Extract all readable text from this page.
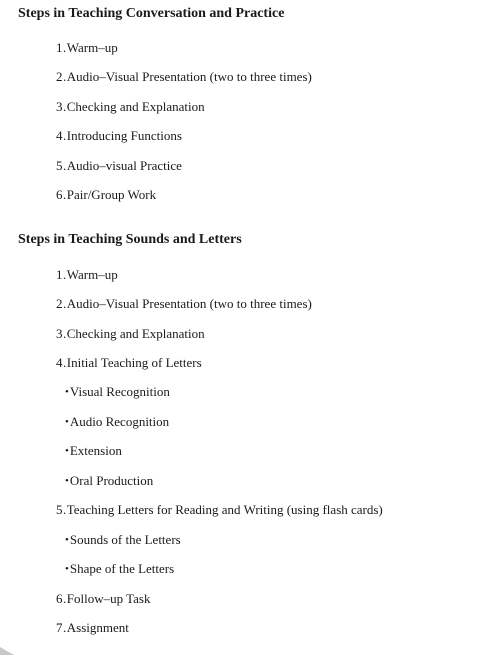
Steps in Teaching Conversation and Practice
1.Warm–up
2.Audio–Visual Presentation (two to three times)
3.Checking and Explanation
4.Introducing Functions
5.Audio–visual Practice
6.Pair/Group Work
Steps in Teaching Sounds and Letters
1.Warm–up
2.Audio–Visual Presentation (two to three times)
3.Checking and Explanation
4.Initial Teaching of Letters
•Visual Recognition
•Audio Recognition
•Extension
•Oral Production
5.Teaching Letters for Reading and Writing (using flash cards)
•Sounds of the Letters
•Shape of the Letters
6.Follow–up Task
7.Assignment
